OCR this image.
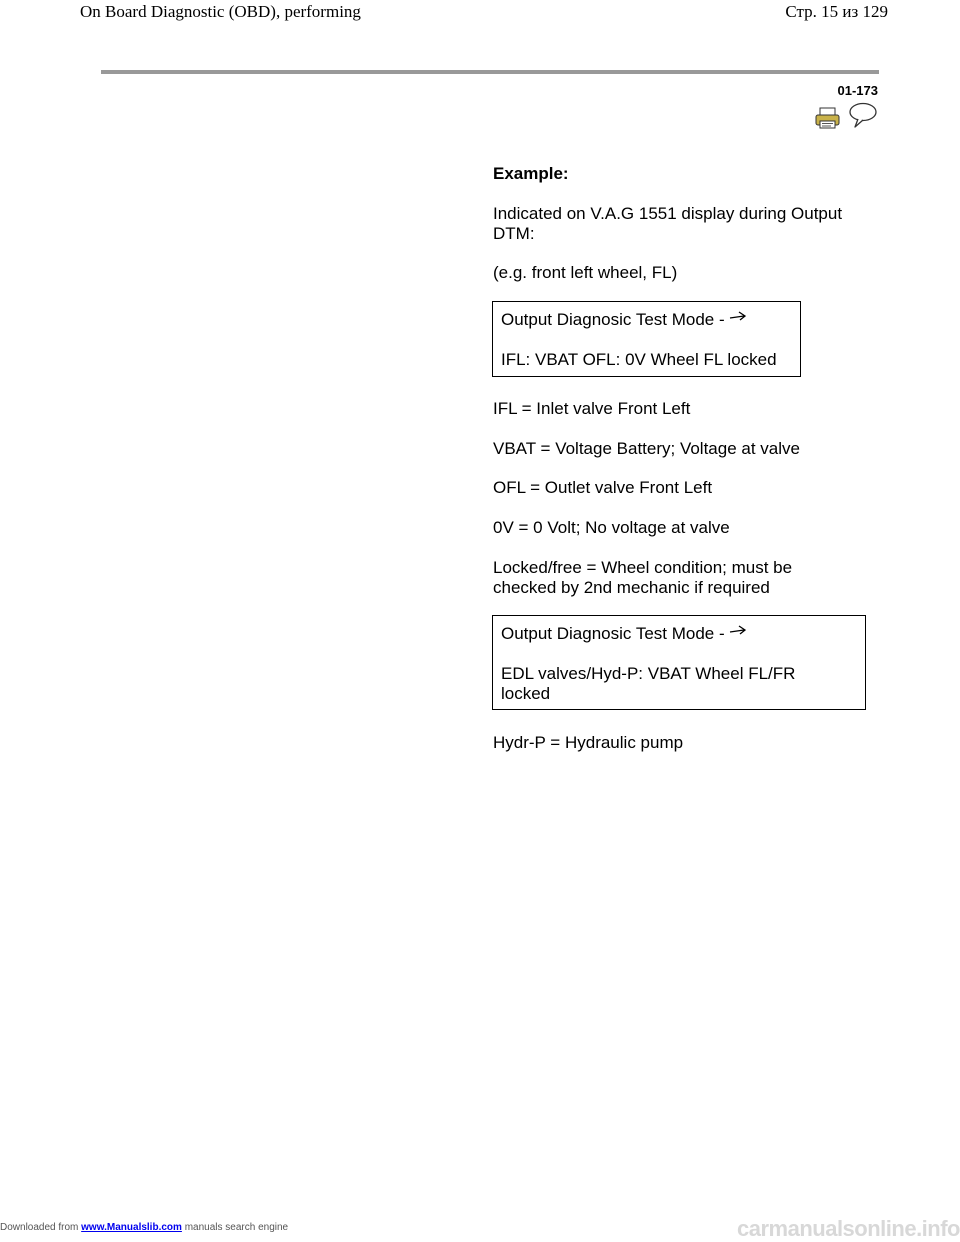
On Board Diagnostic (OBD), performing	Стр. 15 из 129
01-173
Example:
Indicated on V.A.G 1551 display during Output DTM:
(e.g. front left wheel, FL)

Output Diagnosic Test Mode -

IFL: VBAT OFL: 0V Wheel FL locked

IFL = Inlet valve Front Left
VBAT = Voltage Battery; Voltage at valve
OFL = Outlet valve Front Left
0V = 0 Volt; No voltage at valve
Locked/free = Wheel condition; must be checked by 2nd mechanic if required

Output Diagnosic Test Mode -

EDL valves/Hyd-P: VBAT Wheel FL/FR locked

Hydr-P = Hydraulic pump
Downloaded from www.Manualslib.com manuals search engine	carmanualsonline.info
